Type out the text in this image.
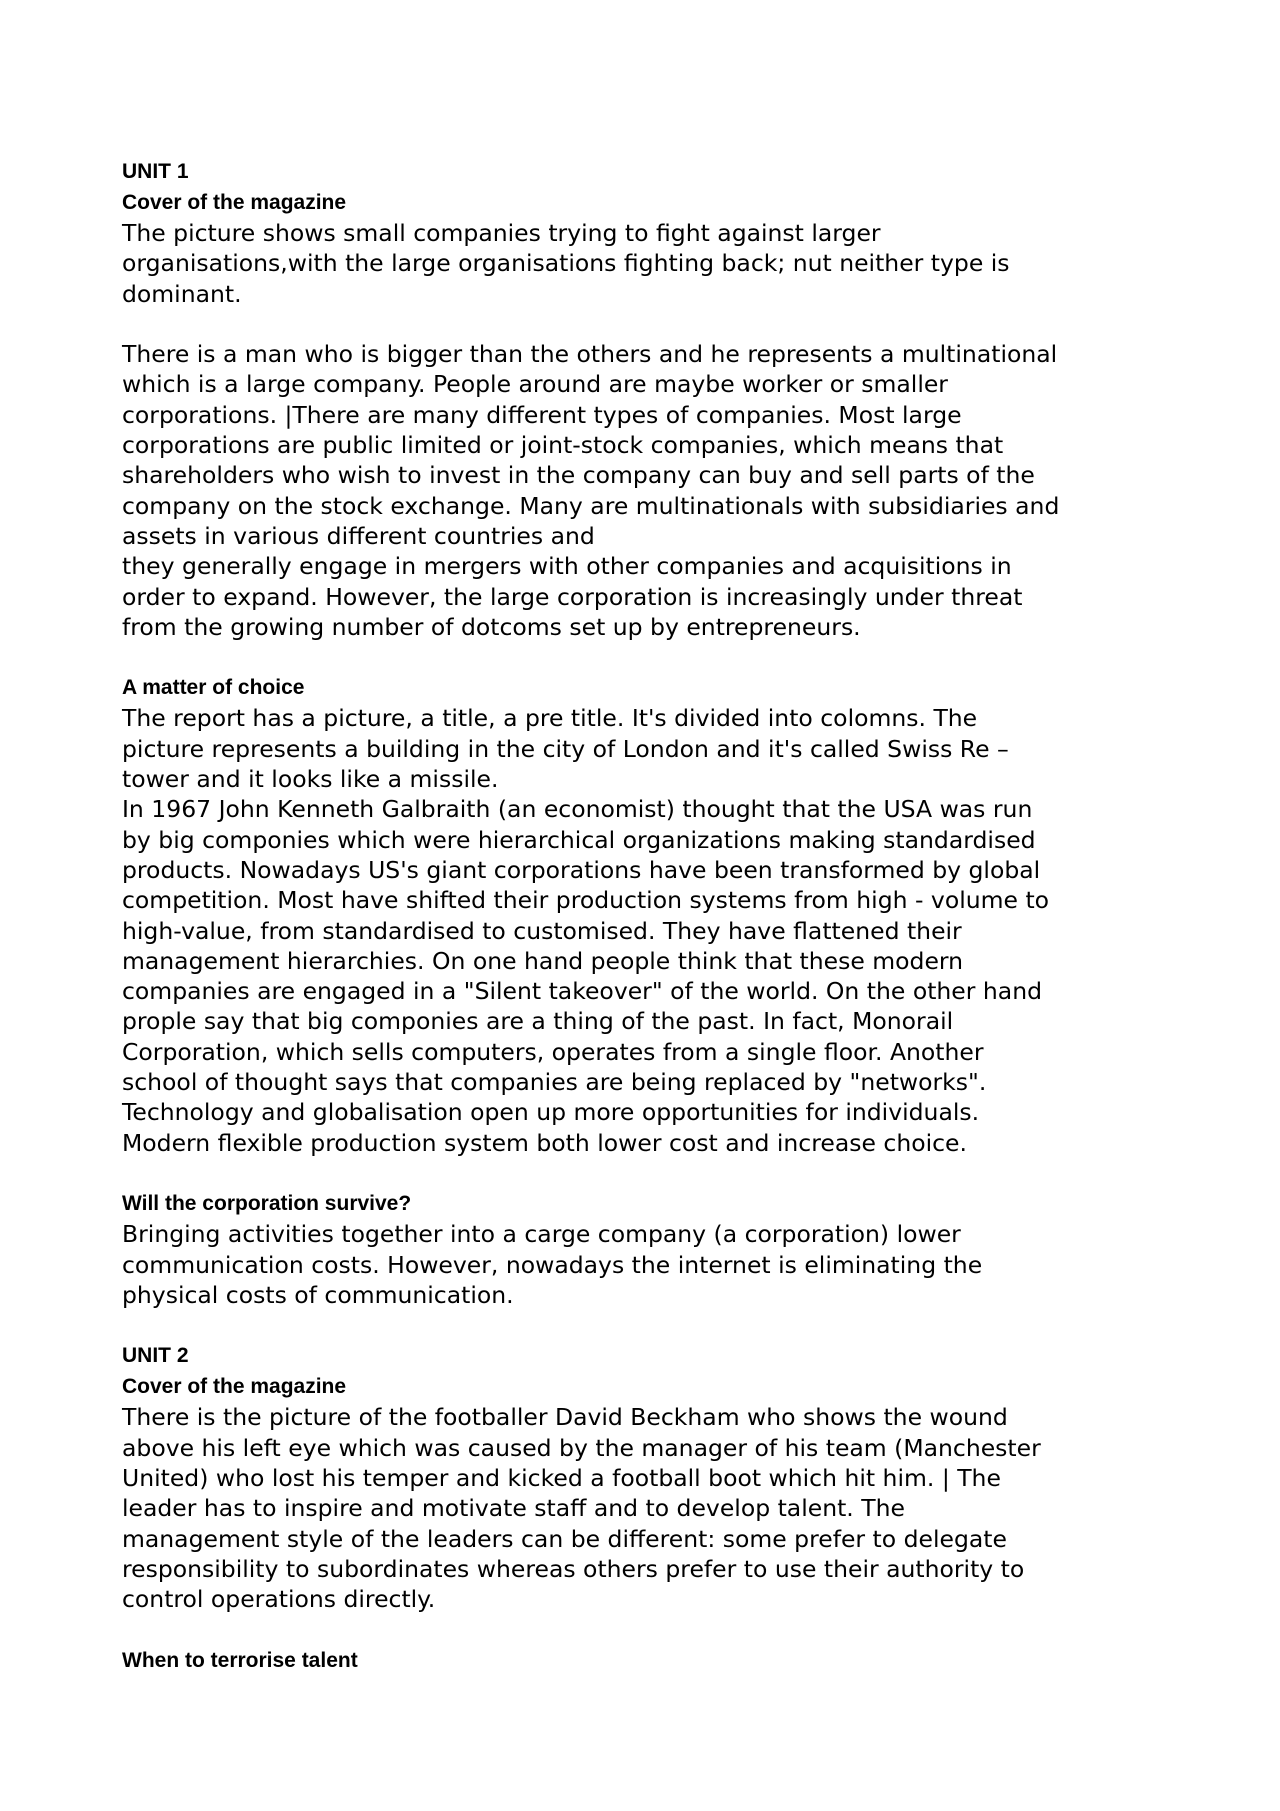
UNIT 1

Cover of the magazine

The picture shows small companies trying to fight against larger
organisations,with the large organisations fighting back; nut neither type is
dominant.

There is a man who is bigger than the others and he represents a multinational
which is a large company. People around are maybe worker or smaller
corporations. |There are many different types of companies. Most large
corporations are public limited or joint-stock companies, which means that
shareholders who wish to invest in the company can buy and sell parts of the
company on the stock exchange. Many are multinationals with subsidiaries and
assets in various different countries and
they generally engage in mergers with other companies and acquisitions in
order to expand. However, the large corporation is increasingly under threat
from the growing number of dotcoms set up by entrepreneurs.

A matter of choice

The report has a picture, a title, a pre title. It's divided into colomns. The
picture represents a building in the city of London and it's called Swiss Re –
tower and it looks like a missile.
In 1967 John Kenneth Galbraith (an economist) thought that the USA was run
by big componies which were hierarchical organizations making standardised
products. Nowadays US's giant corporations have been transformed by global
competition. Most have shifted their production systems from high - volume to
high-value, from standardised to customised. They have flattened their
management hierarchies. On one hand people think that these modern
companies are engaged in a "Silent takeover" of the world. On the other hand
prople say that big componies are a thing of the past. In fact, Monorail
Corporation, which sells computers, operates from a single floor. Another
school of thought says that companies are being replaced by "networks".
Technology and globalisation open up more opportunities for individuals.
Modern flexible production system both lower cost and increase choice.

Will the corporation survive?

Bringing activities together into a carge company (a corporation) lower
communication costs. However, nowadays the internet is eliminating the
physical costs of communication.

UNIT 2

Cover of the magazine

There is the picture of the footballer David Beckham who shows the wound
above his left eye which was caused by the manager of his team (Manchester
United) who lost his temper and kicked a football boot which hit him. | The
leader has to inspire and motivate staff and to develop talent. The
management style of the leaders can be different: some prefer to delegate
responsibility to subordinates whereas others prefer to use their authority to
control operations directly.

When to terrorise talent
